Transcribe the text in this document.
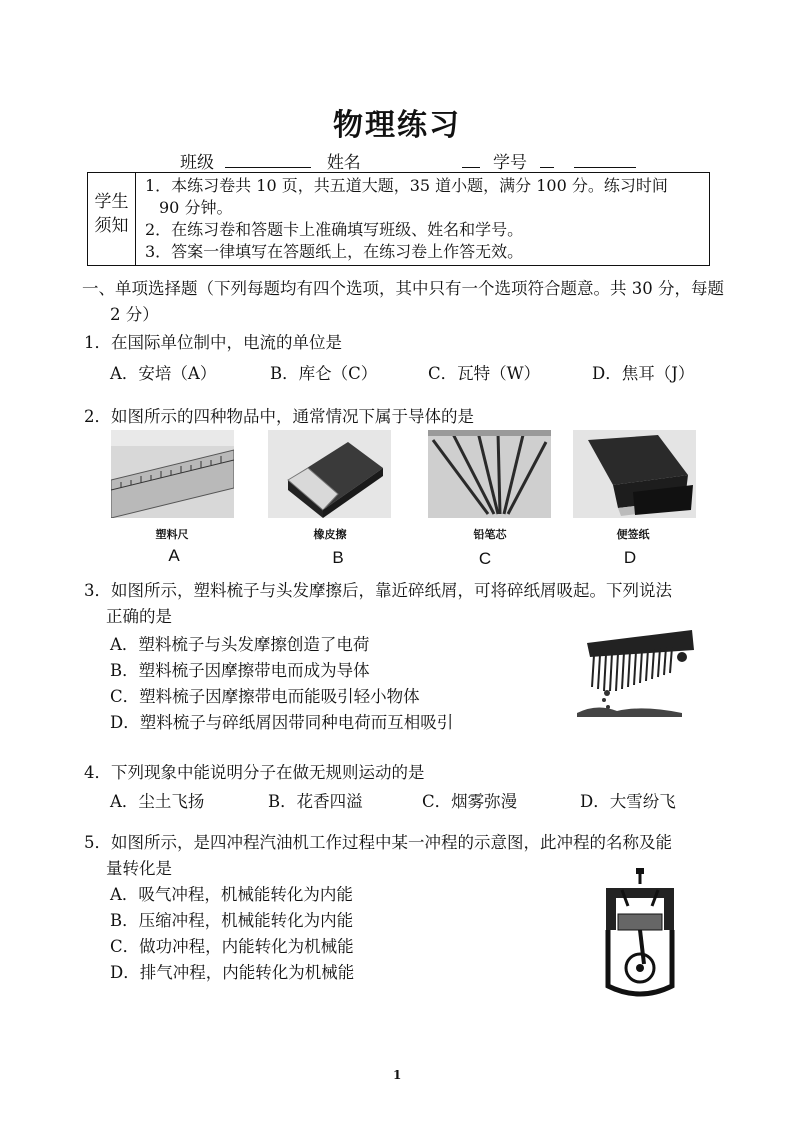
物理练习
班级	姓名	学号
学生
须知
1．本练习卷共 10 页，共五道大题，35 道小题，满分 100 分。练习时间
90 分钟。
2．在练习卷和答题卡上准确填写班级、姓名和学号。
3．答案一律填写在答题纸上，在练习卷上作答无效。
一、单项选择题（下列每题均有四个选项，其中只有一个选项符合题意。共 30 分，每题
2 分）
1．在国际单位制中，电流的单位是
A．安培（A）	B．库仑（C）	C．瓦特（W）	D．焦耳（J）
2．如图所示的四种物品中，通常情况下属于导体的是
塑料尺	橡皮擦	铅笔芯	便签纸
A	B	C	D
3．如图所示，塑料梳子与头发摩擦后，靠近碎纸屑，可将碎纸屑吸起。下列说法
正确的是
A．塑料梳子与头发摩擦创造了电荷
B．塑料梳子因摩擦带电而成为导体
C．塑料梳子因摩擦带电而能吸引轻小物体
D．塑料梳子与碎纸屑因带同种电荷而互相吸引
4．下列现象中能说明分子在做无规则运动的是
A．尘土飞扬	B．花香四溢	C．烟雾弥漫	D．大雪纷飞
5．如图所示，是四冲程汽油机工作过程中某一冲程的示意图，此冲程的名称及能
量转化是
A．吸气冲程，机械能转化为内能
B．压缩冲程，机械能转化为内能
C．做功冲程，内能转化为机械能
D．排气冲程，内能转化为机械能
1
